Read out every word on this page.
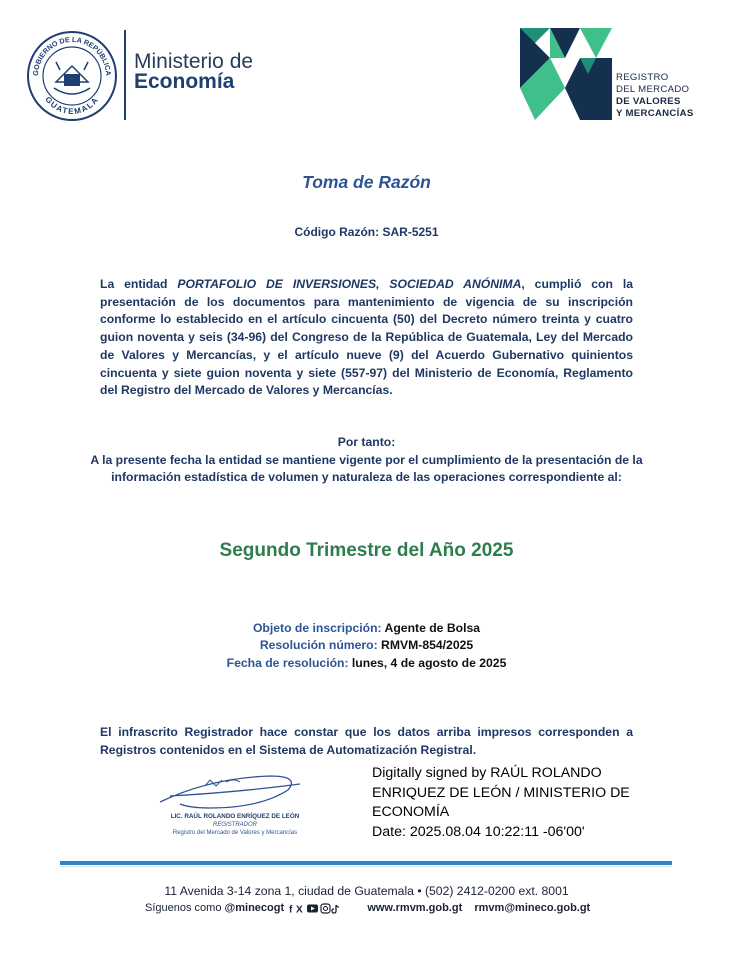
GOBIERNO DE LA REPÚBLICA
GUATEMALA
Ministerio de
Economía	REGISTRO
DEL MERCADO
DE VALORES
Y MERCANCÍAS
Toma de Razón
Código Razón: SAR-5251
La entidad PORTAFOLIO DE INVERSIONES, SOCIEDAD ANÓNIMA, cumplió con la presentación de los documentos para mantenimiento de vigencia de su inscripción conforme lo establecido en el artículo cincuenta (50) del Decreto número treinta y cuatro guion noventa y seis (34-96) del Congreso de la República de Guatemala, Ley del Mercado de Valores y Mercancías, y el artículo nueve (9) del Acuerdo Gubernativo quinientos cincuenta y siete guion noventa y siete (557-97) del Ministerio de Economía, Reglamento del Registro del Mercado de Valores y Mercancías.
Por tanto:
A la presente fecha la entidad se mantiene vigente por el cumplimiento de la presentación de la información estadística de volumen y naturaleza de las operaciones correspondiente al:
Segundo Trimestre del Año 2025
Objeto de inscripción: Agente de Bolsa
Resolución número: RMVM-854/2025
Fecha de resolución: lunes, 4 de agosto de 2025
El infrascrito Registrador hace constar que los datos arriba impresos corresponden a Registros contenidos en el Sistema de Automatización Registral.
LIC. RAÚL ROLANDO ENRÍQUEZ DE LEÓN
REGISTRADOR
Registro del Mercado de Valores y Mercancías
Digitally signed by RAÚL ROLANDO
ENRIQUEZ DE LEÓN / MINISTERIO DE
ECONOMÍA
Date: 2025.08.04 10:22:11 -06'00'
11 Avenida 3-14 zona 1, ciudad de Guatemala • (502) 2412-0200 ext. 8001
Síguenos como @minecogt f X	www.rmvm.gob.gt rmvm@mineco.gob.gt
